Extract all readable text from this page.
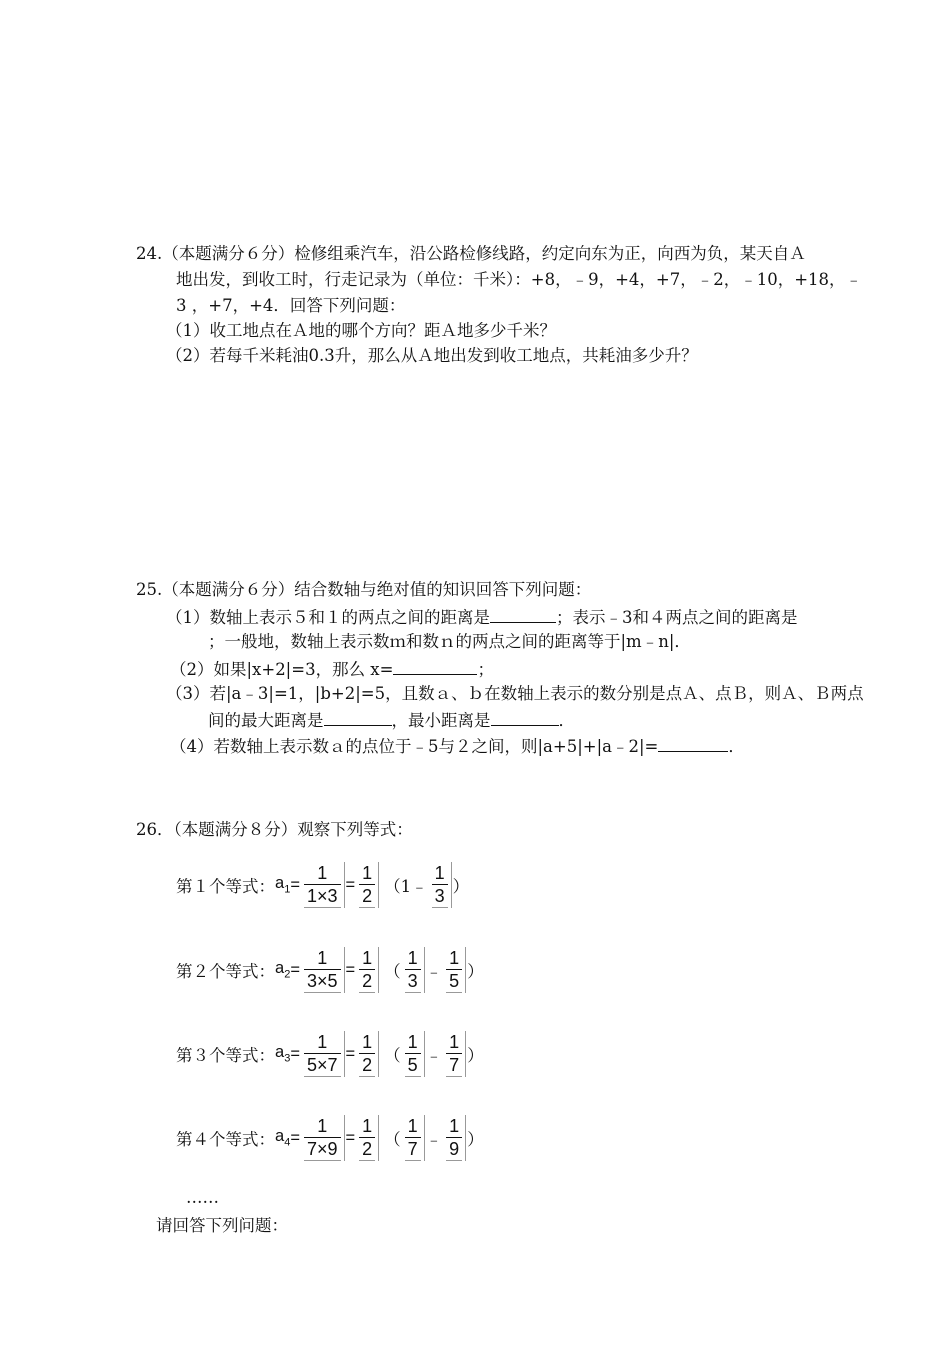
24.（本题满分６分）检修组乘汽车，沿公路检修线路，约定向东为正，向西为负，某天自Ａ
地出发，到收工时，行走记录为（单位：千米）：+8，﹣9，+4，+7，﹣2，﹣10，+18，﹣
3 ，+7，+4．回答下列问题：
（1）收工地点在Ａ地的哪个方向？距Ａ地多少千米？
（2）若每千米耗油0.3升，那么从Ａ地出发到收工地点，共耗油多少升？
25.（本题满分６分）结合数轴与绝对值的知识回答下列问题：
（1）数轴上表示５和１的两点之间的距离是	；表示﹣3和４两点之间的距离是
；一般地，数轴上表示数ｍ和数ｎ的两点之间的距离等于|m﹣n|．
（2）如果|x+2|=3，那么 x=	；
（3）若|a﹣3|=1，|b+2|=5，且数ａ、ｂ在数轴上表示的数分别是点Ａ、点Ｂ，则Ａ、Ｂ两点
间的最大距离是	，最小距离是	．
（4）若数轴上表示数ａ的点位于﹣5与２之间，则|a+5|+|a﹣2|=	．
26．（本题满分８分）观察下列等式：
第１个等式： $a_1 = \frac{1}{1\times 3} = \frac{1}{2}$ （1﹣ $\frac{1}{3}$ ）
第２个等式： $a_2 = \frac{1}{3\times 5} = \frac{1}{2}$ （ $\frac{1}{3}$ ﹣ $\frac{1}{5}$ ）
第３个等式： $a_3 = \frac{1}{5\times 7} = \frac{1}{2}$ （ $\frac{1}{5}$ ﹣ $\frac{1}{7}$ ）
第４个等式： $a_4 = \frac{1}{7\times 9} = \frac{1}{2}$ （ $\frac{1}{7}$ ﹣ $\frac{1}{9}$ ）
……
请回答下列问题：
